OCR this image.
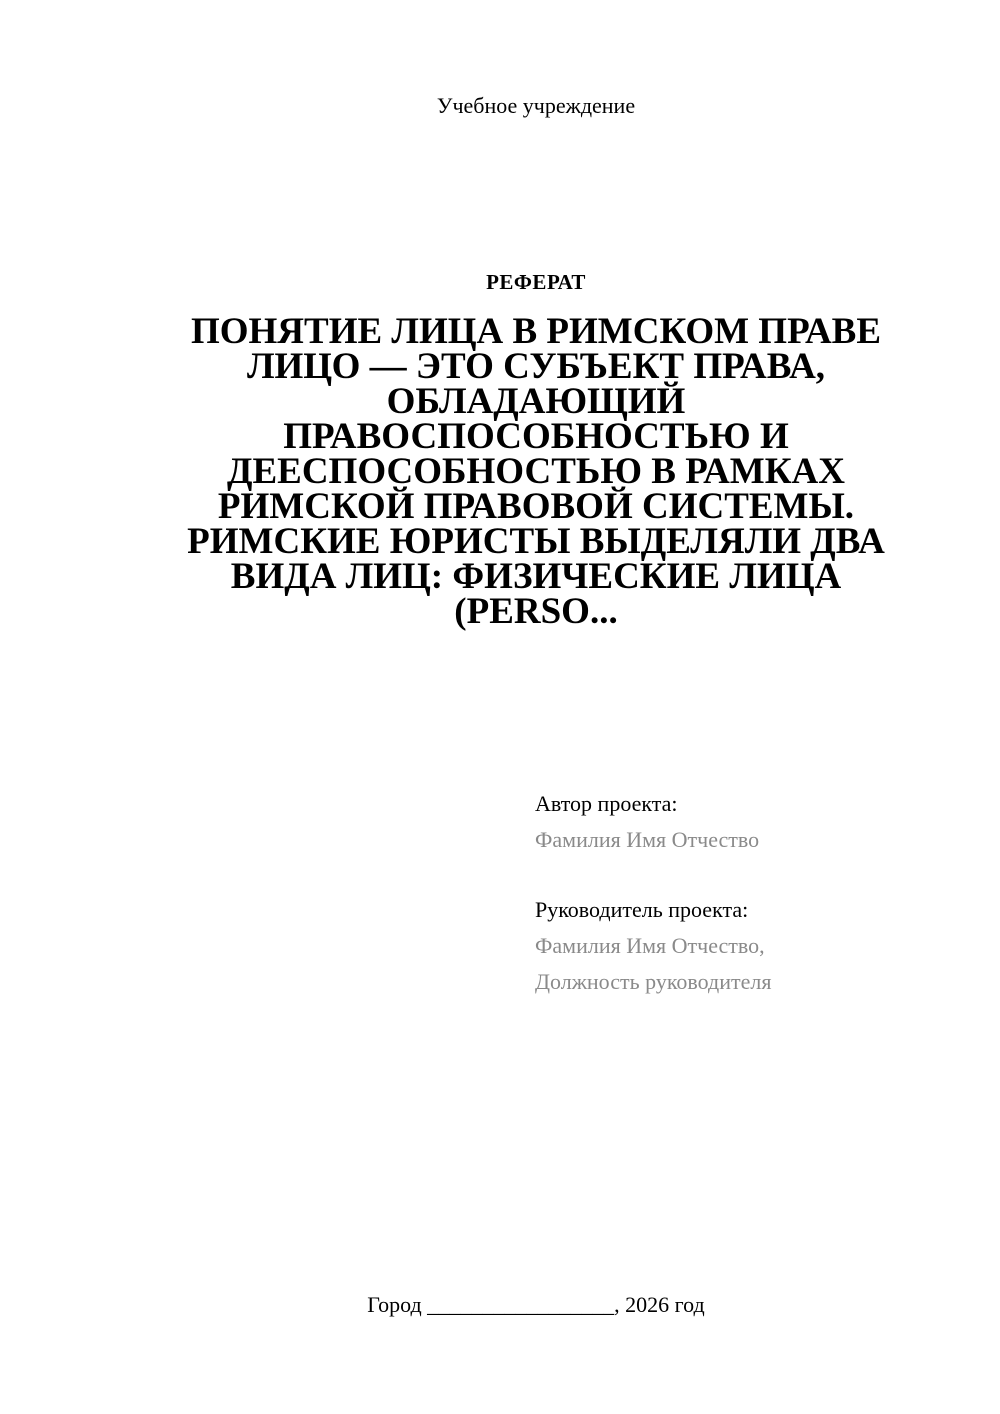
Учебное учреждение
РЕФЕРАТ
ПОНЯТИЕ ЛИЦА В РИМСКОМ ПРАВЕ ЛИЦО — ЭТО СУБЪЕКТ ПРАВА, ОБЛАДАЮЩИЙ ПРАВОСПОСОБНОСТЬЮ И ДЕЕСПОСОБНОСТЬЮ В РАМКАХ РИМСКОЙ ПРАВОВОЙ СИСТЕМЫ. РИМСКИЕ ЮРИСТЫ ВЫДЕЛЯЛИ ДВА ВИДА ЛИЦ: ФИЗИЧЕСКИЕ ЛИЦА (PERSO...
Автор проекта:
Фамилия Имя Отчество
Руководитель проекта:
Фамилия Имя Отчество,
Должность руководителя
Город _________________, 2026 год
